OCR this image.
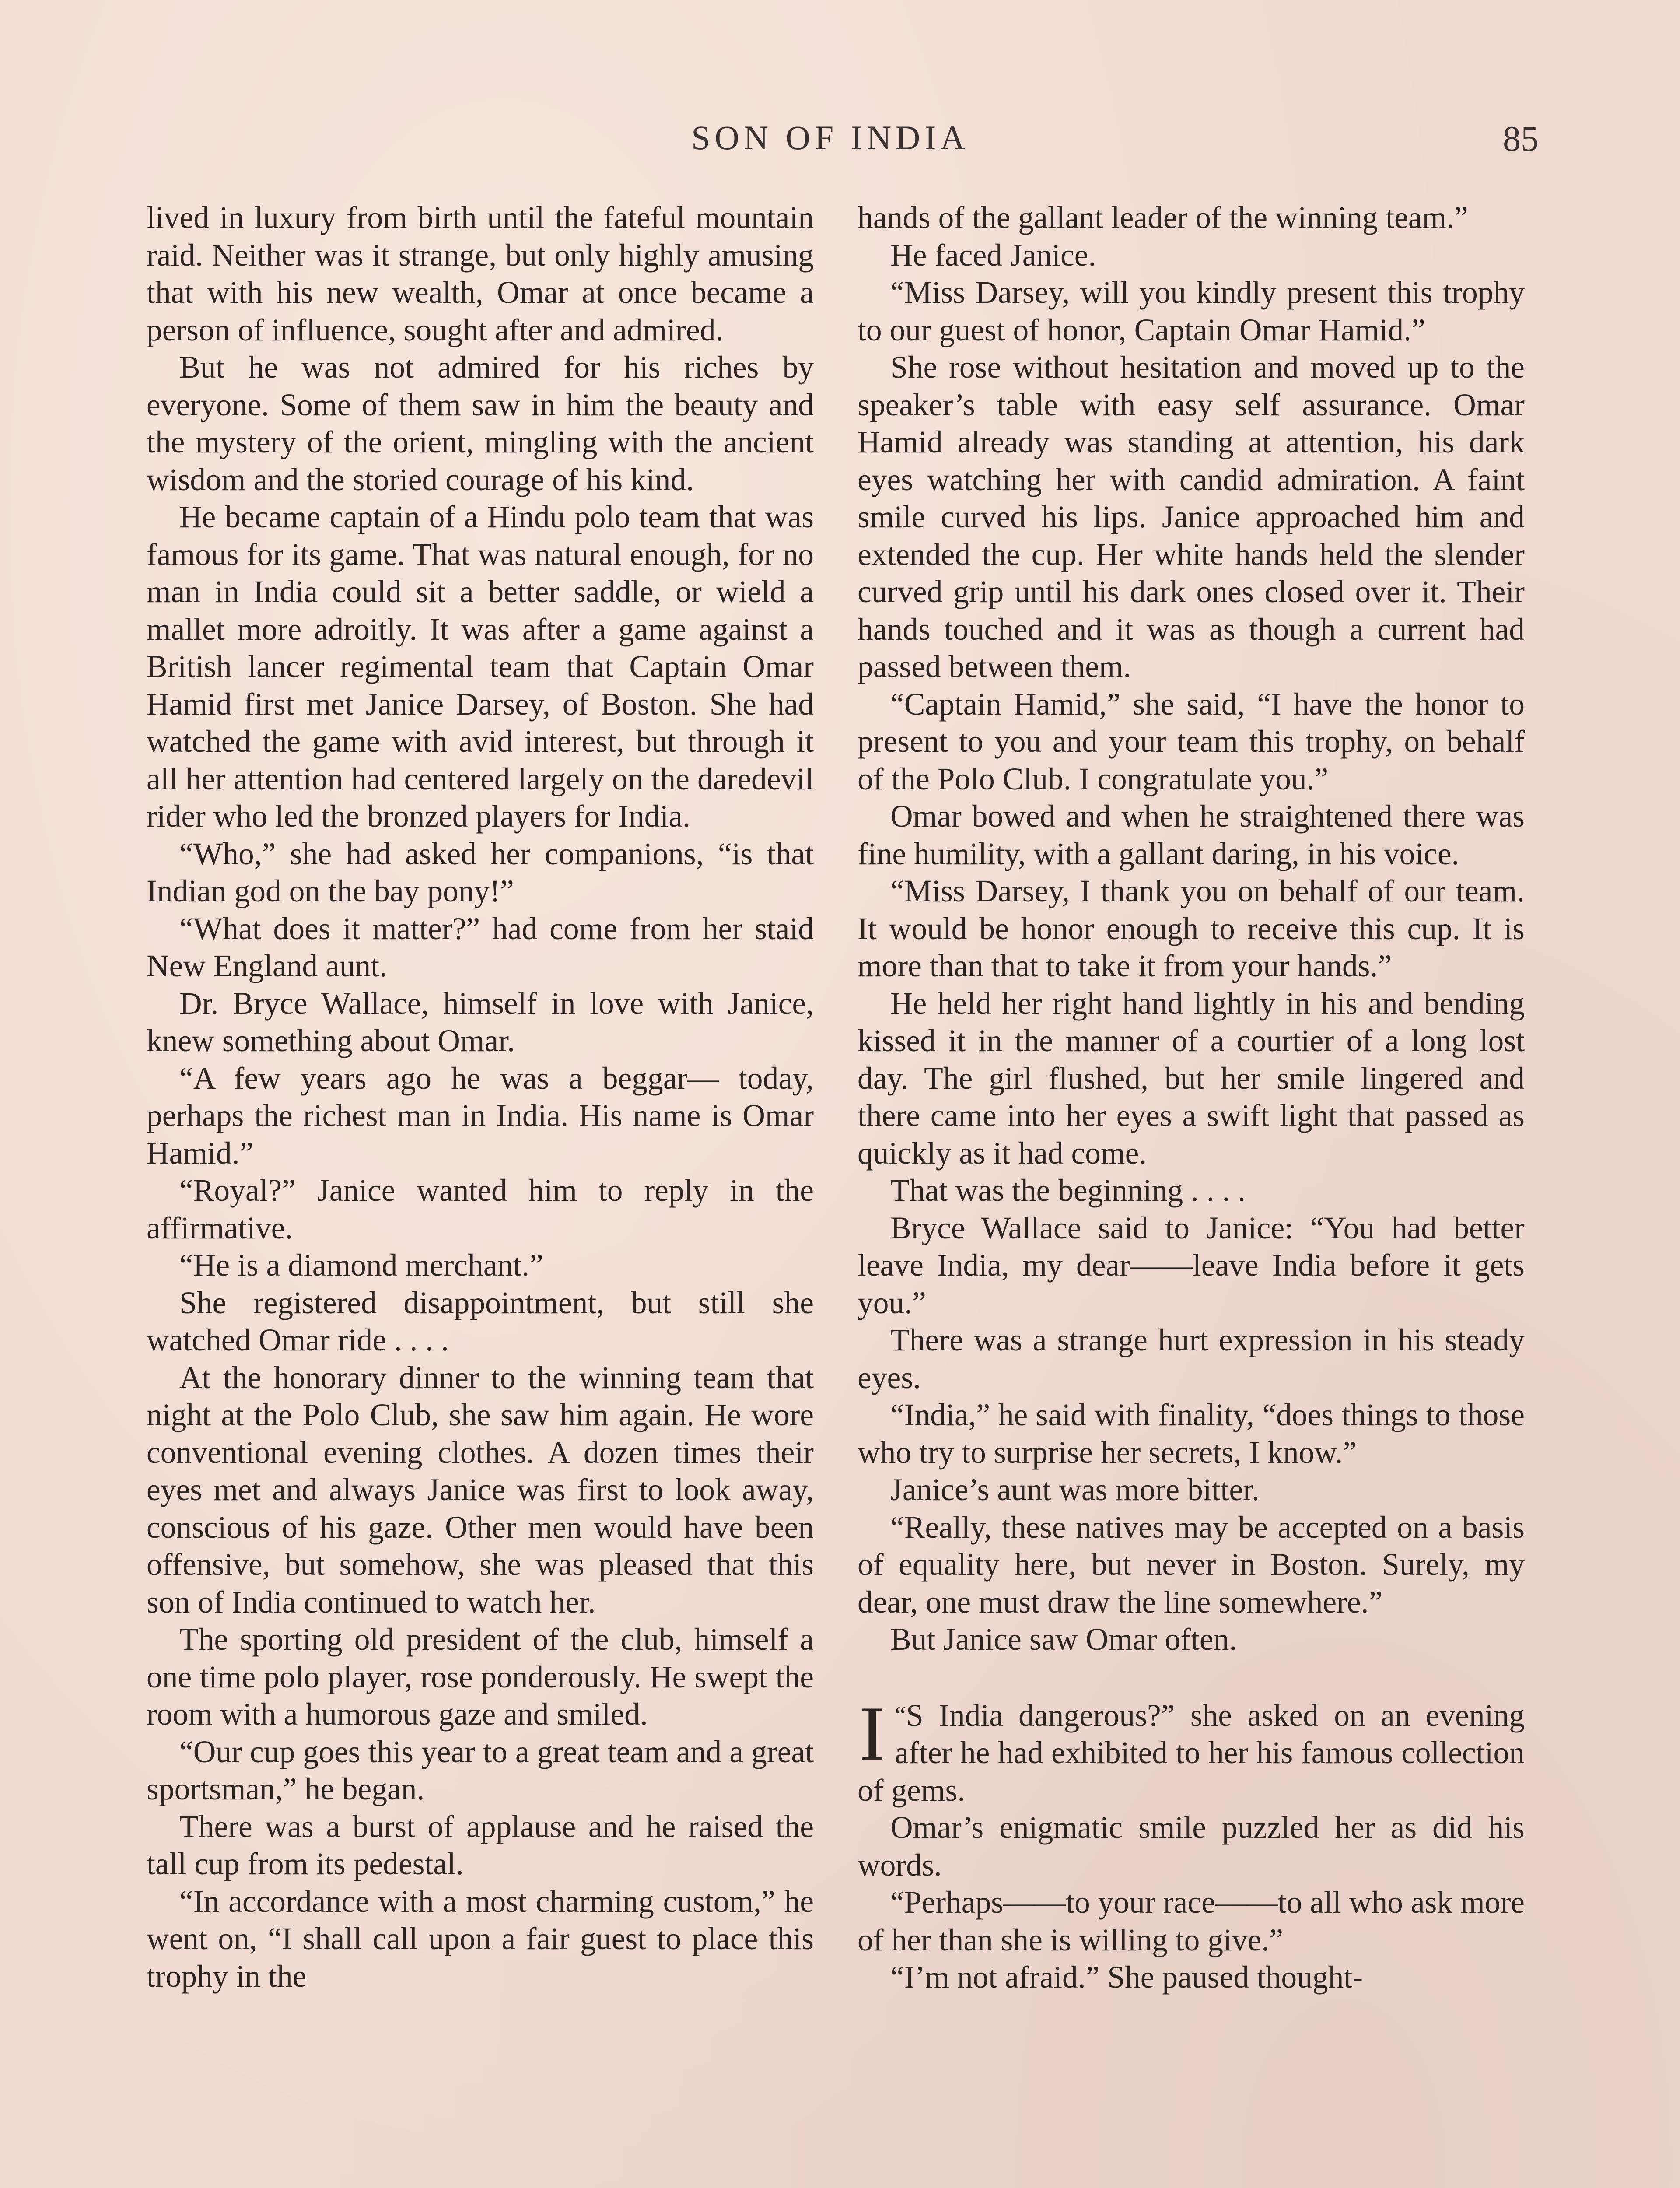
SON OF INDIA	85

lived in luxury from birth until the fateful mountain raid. Neither was it strange, but only highly amusing that with his new wealth, Omar at once became a person of influence, sought after and admired.

But he was not admired for his riches by everyone. Some of them saw in him the beauty and the mystery of the orient, mingling with the ancient wisdom and the storied courage of his kind.

He became captain of a Hindu polo team that was famous for its game. That was natural enough, for no man in India could sit a better saddle, or wield a mallet more adroitly. It was after a game against a British lancer regimental team that Captain Omar Hamid first met Janice Darsey, of Boston. She had watched the game with avid interest, but through it all her attention had centered largely on the daredevil rider who led the bronzed players for India.

“Who,” she had asked her companions, “is that Indian god on the bay pony!”

“What does it matter?” had come from her staid New England aunt.

Dr. Bryce Wallace, himself in love with Janice, knew something about Omar.

“A few years ago he was a beggar— today, perhaps the richest man in India. His name is Omar Hamid.”

“Royal?” Janice wanted him to reply in the affirmative.

“He is a diamond merchant.”

She registered disappointment, but still she watched Omar ride . . . .

At the honorary dinner to the winning team that night at the Polo Club, she saw him again. He wore conventional evening clothes. A dozen times their eyes met and always Janice was first to look away, conscious of his gaze. Other men would have been offensive, but somehow, she was pleased that this son of India continued to watch her.

The sporting old president of the club, himself a one time polo player, rose ponderously. He swept the room with a humorous gaze and smiled.

“Our cup goes this year to a great team and a great sportsman,” he began.

There was a burst of applause and he raised the tall cup from its pedestal.

“In accordance with a most charming custom,” he went on, “I shall call upon a fair guest to place this trophy in the

hands of the gallant leader of the winning team.”

He faced Janice.

“Miss Darsey, will you kindly present this trophy to our guest of honor, Captain Omar Hamid.”

She rose without hesitation and moved up to the speaker’s table with easy self assurance. Omar Hamid already was standing at attention, his dark eyes watching her with candid admiration. A faint smile curved his lips. Janice approached him and extended the cup. Her white hands held the slender curved grip until his dark ones closed over it. Their hands touched and it was as though a current had passed between them.

“Captain Hamid,” she said, “I have the honor to present to you and your team this trophy, on behalf of the Polo Club. I congratulate you.”

Omar bowed and when he straightened there was fine humility, with a gallant daring, in his voice.

“Miss Darsey, I thank you on behalf of our team. It would be honor enough to receive this cup. It is more than that to take it from your hands.”

He held her right hand lightly in his and bending kissed it in the manner of a courtier of a long lost day. The girl flushed, but her smile lingered and there came into her eyes a swift light that passed as quickly as it had come.

That was the beginning . . . .

Bryce Wallace said to Janice: “You had better leave India, my dear——leave India before it gets you.”

There was a strange hurt expression in his steady eyes.

“India,” he said with finality, “does things to those who try to surprise her secrets, I know.”

Janice’s aunt was more bitter.

“Really, these natives may be accepted on a basis of equality here, but never in Boston. Surely, my dear, one must draw the line somewhere.”

But Janice saw Omar often.

“
I S India dangerous?” she asked on an evening after he had exhibited to her his famous collection of gems.

Omar’s enigmatic smile puzzled her as did his words.

“Perhaps——to your race——to all who ask more of her than she is willing to give.”

“I’m not afraid.” She paused thought-
